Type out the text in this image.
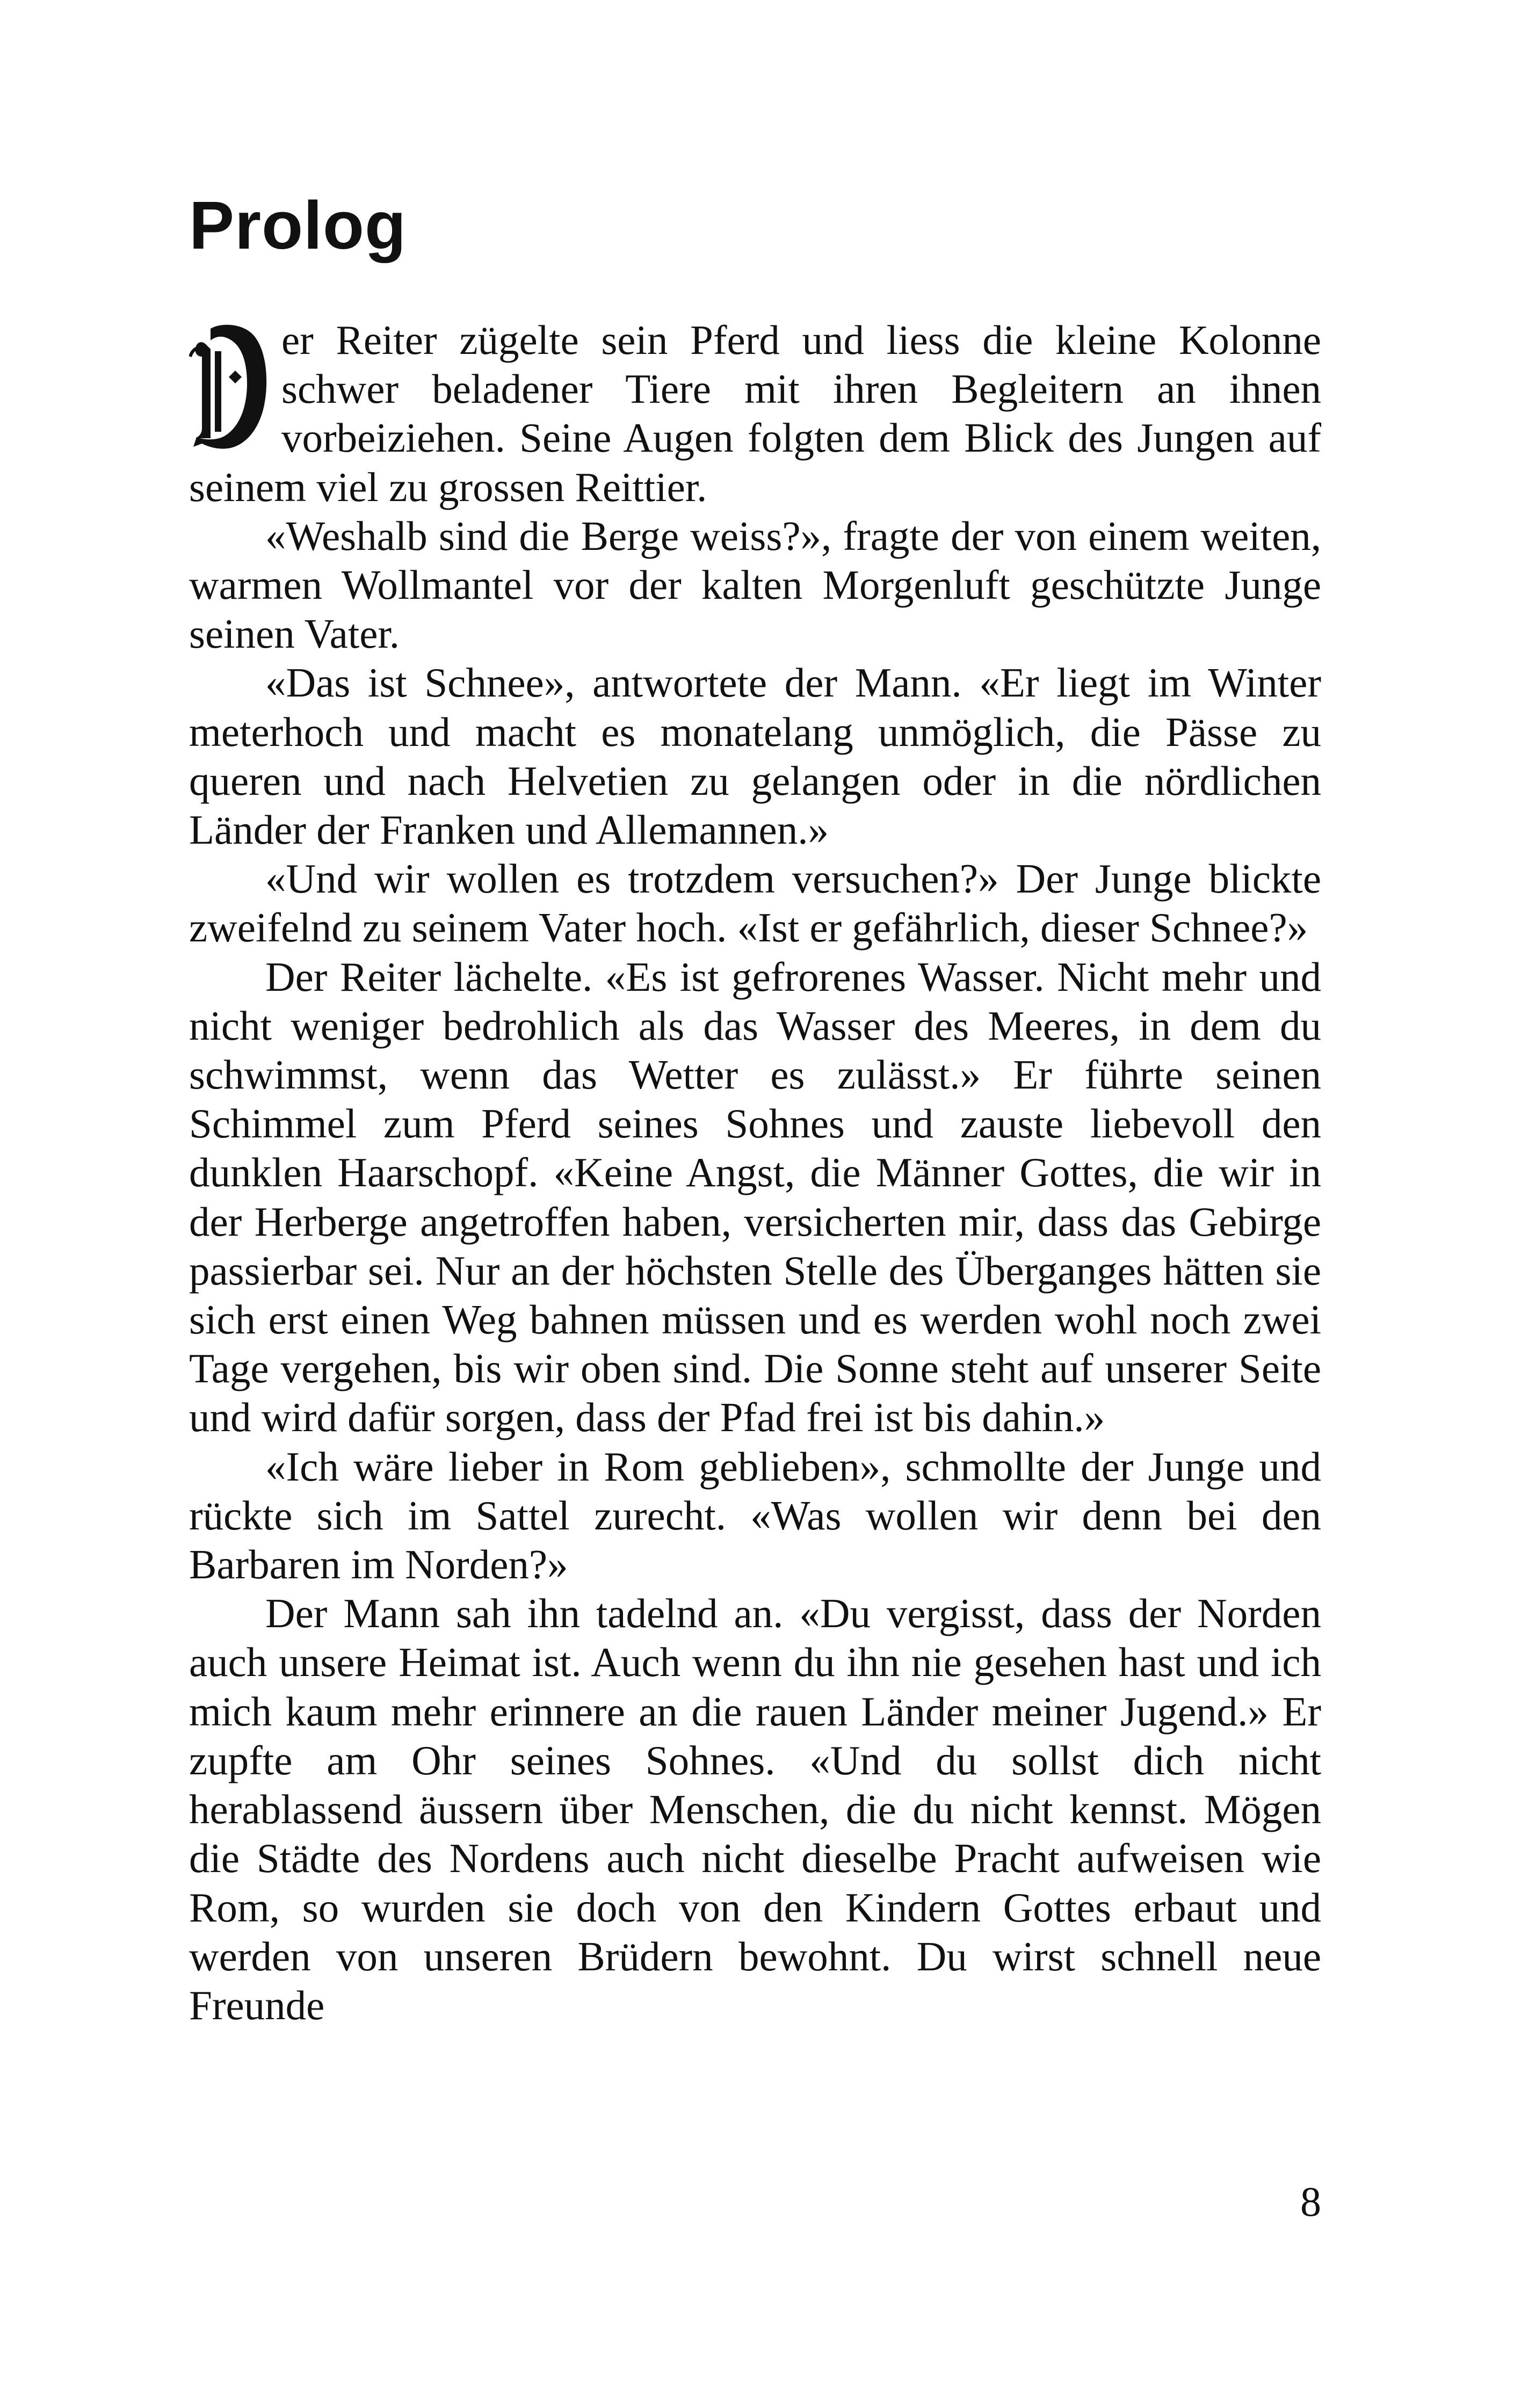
Prolog

er Reiter zügelte sein Pferd und liess die kleine Kolonne schwer beladener Tiere mit ihren Begleitern an ihnen vorbeiziehen. Seine Augen folgten dem Blick des Jungen auf seinem viel zu grossen Reittier.

«Weshalb sind die Berge weiss?», fragte der von einem weiten, warmen Wollmantel vor der kalten Morgenluft geschützte Junge seinen Vater.

«Das ist Schnee», antwortete der Mann. «Er liegt im Winter meterhoch und macht es monatelang unmöglich, die Pässe zu queren und nach Helvetien zu gelangen oder in die nördlichen Länder der Franken und Allemannen.»

«Und wir wollen es trotzdem versuchen?» Der Junge blickte zweifelnd zu seinem Vater hoch. «Ist er gefährlich, dieser Schnee?»

Der Reiter lächelte. «Es ist gefrorenes Wasser. Nicht mehr und nicht weniger bedrohlich als das Wasser des Meeres, in dem du schwimmst, wenn das Wetter es zulässt.» Er führte seinen Schimmel zum Pferd seines Sohnes und zauste liebevoll den dunklen Haarschopf. «Keine Angst, die Männer Gottes, die wir in der Herberge angetroffen haben, versicherten mir, dass das Gebirge passierbar sei. Nur an der höchsten Stelle des Überganges hätten sie sich erst einen Weg bahnen müssen und es werden wohl noch zwei Tage vergehen, bis wir oben sind. Die Sonne steht auf unserer Seite und wird dafür sorgen, dass der Pfad frei ist bis dahin.»

«Ich wäre lieber in Rom geblieben», schmollte der Junge und rückte sich im Sattel zurecht. «Was wollen wir denn bei den Barbaren im Norden?»

Der Mann sah ihn tadelnd an. «Du vergisst, dass der Norden auch unsere Heimat ist. Auch wenn du ihn nie gesehen hast und ich mich kaum mehr erinnere an die rauen Länder meiner Jugend.» Er zupfte am Ohr seines Sohnes. «Und du sollst dich nicht herablassend äussern über Menschen, die du nicht kennst. Mögen die Städte des Nordens auch nicht dieselbe Pracht aufweisen wie Rom, so wurden sie doch von den Kindern Gottes erbaut und werden von unseren Brüdern bewohnt. Du wirst schnell neue Freunde

8
